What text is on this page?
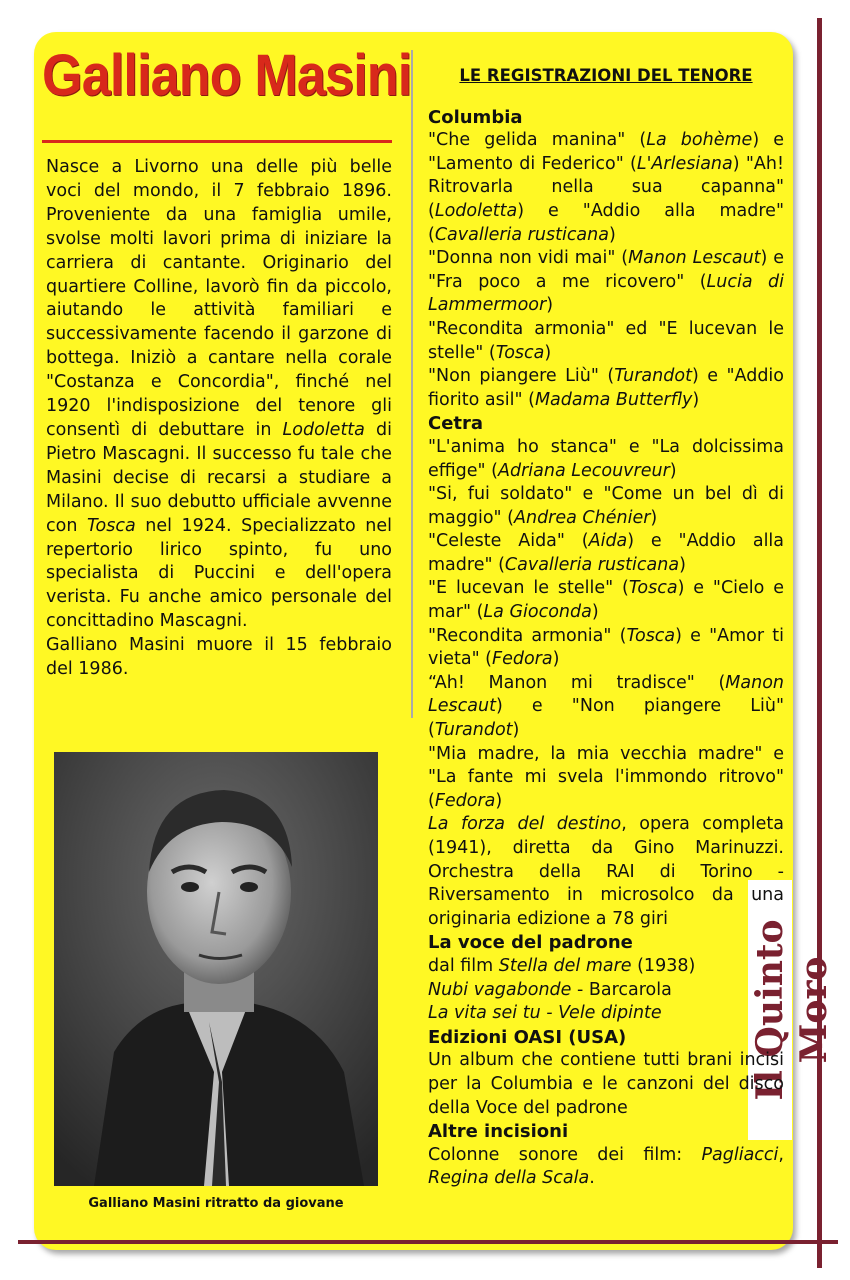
Il Quinto Moro
Galliano Masini
Nasce a Livorno una delle più belle voci del mondo, il 7 febbraio 1896. Proveniente da una famiglia umile, svolse molti lavori prima di iniziare la carriera di cantante. Originario del quartiere Colline, lavorò fin da piccolo, aiutando le attività familiari e successivamente facendo il garzone di bottega. Iniziò a cantare nella corale "Costanza e Concordia", finché nel 1920 l'indisposizione del tenore gli consentì di debuttare in Lodoletta di Pietro Mascagni. Il successo fu tale che Masini decise di recarsi a studiare a Milano. Il suo debutto ufficiale avvenne con Tosca nel 1924. Specializzato nel repertorio lirico spinto, fu uno specialista di Puccini e dell'opera verista. Fu anche amico personale del concittadino Mascagni.
Galliano Masini muore il 15 febbraio del 1986.
Galliano Masini ritratto da giovane
LE REGISTRAZIONI DEL TENORE
Columbia
"Che gelida manina" (La bohème) e "Lamento di Federico" (L'Arlesiana) "Ah! Ritrovarla nella sua capanna" (Lodoletta) e "Addio alla madre" (Cavalleria rusticana)
"Donna non vidi mai" (Manon Lescaut) e "Fra poco a me ricovero" (Lucia di Lammermoor)
"Recondita armonia" ed "E lucevan le stelle" (Tosca)
"Non piangere Liù" (Turandot) e "Addio fiorito asil" (Madama Butterfly)
Cetra
"L'anima ho stanca" e "La dolcissima effige" (Adriana Lecouvreur)
"Si, fui soldato" e "Come un bel dì di maggio" (Andrea Chénier)
"Celeste Aida" (Aida) e "Addio alla madre" (Cavalleria rusticana)
"E lucevan le stelle" (Tosca) e "Cielo e mar" (La Gioconda)
"Recondita armonia" (Tosca) e "Amor ti vieta" (Fedora)
“Ah! Manon mi tradisce" (Manon Lescaut) e "Non piangere Liù" (Turandot)
"Mia madre, la mia vecchia madre" e "La fante mi svela l'immondo ritrovo" (Fedora)
La forza del destino, opera completa (1941), diretta da Gino Marinuzzi. Orchestra della RAI di Torino - Riversamento in microsolco da una originaria edizione a 78 giri
La voce del padrone
dal film Stella del mare (1938)
Nubi vagabonde - Barcarola
La vita sei tu - Vele dipinte
Edizioni OASI (USA)
Un album che contiene tutti brani incisi per la Columbia e le canzoni del disco della Voce del padrone
Altre incisioni
Colonne sonore dei film: Pagliacci, Regina della Scala.
